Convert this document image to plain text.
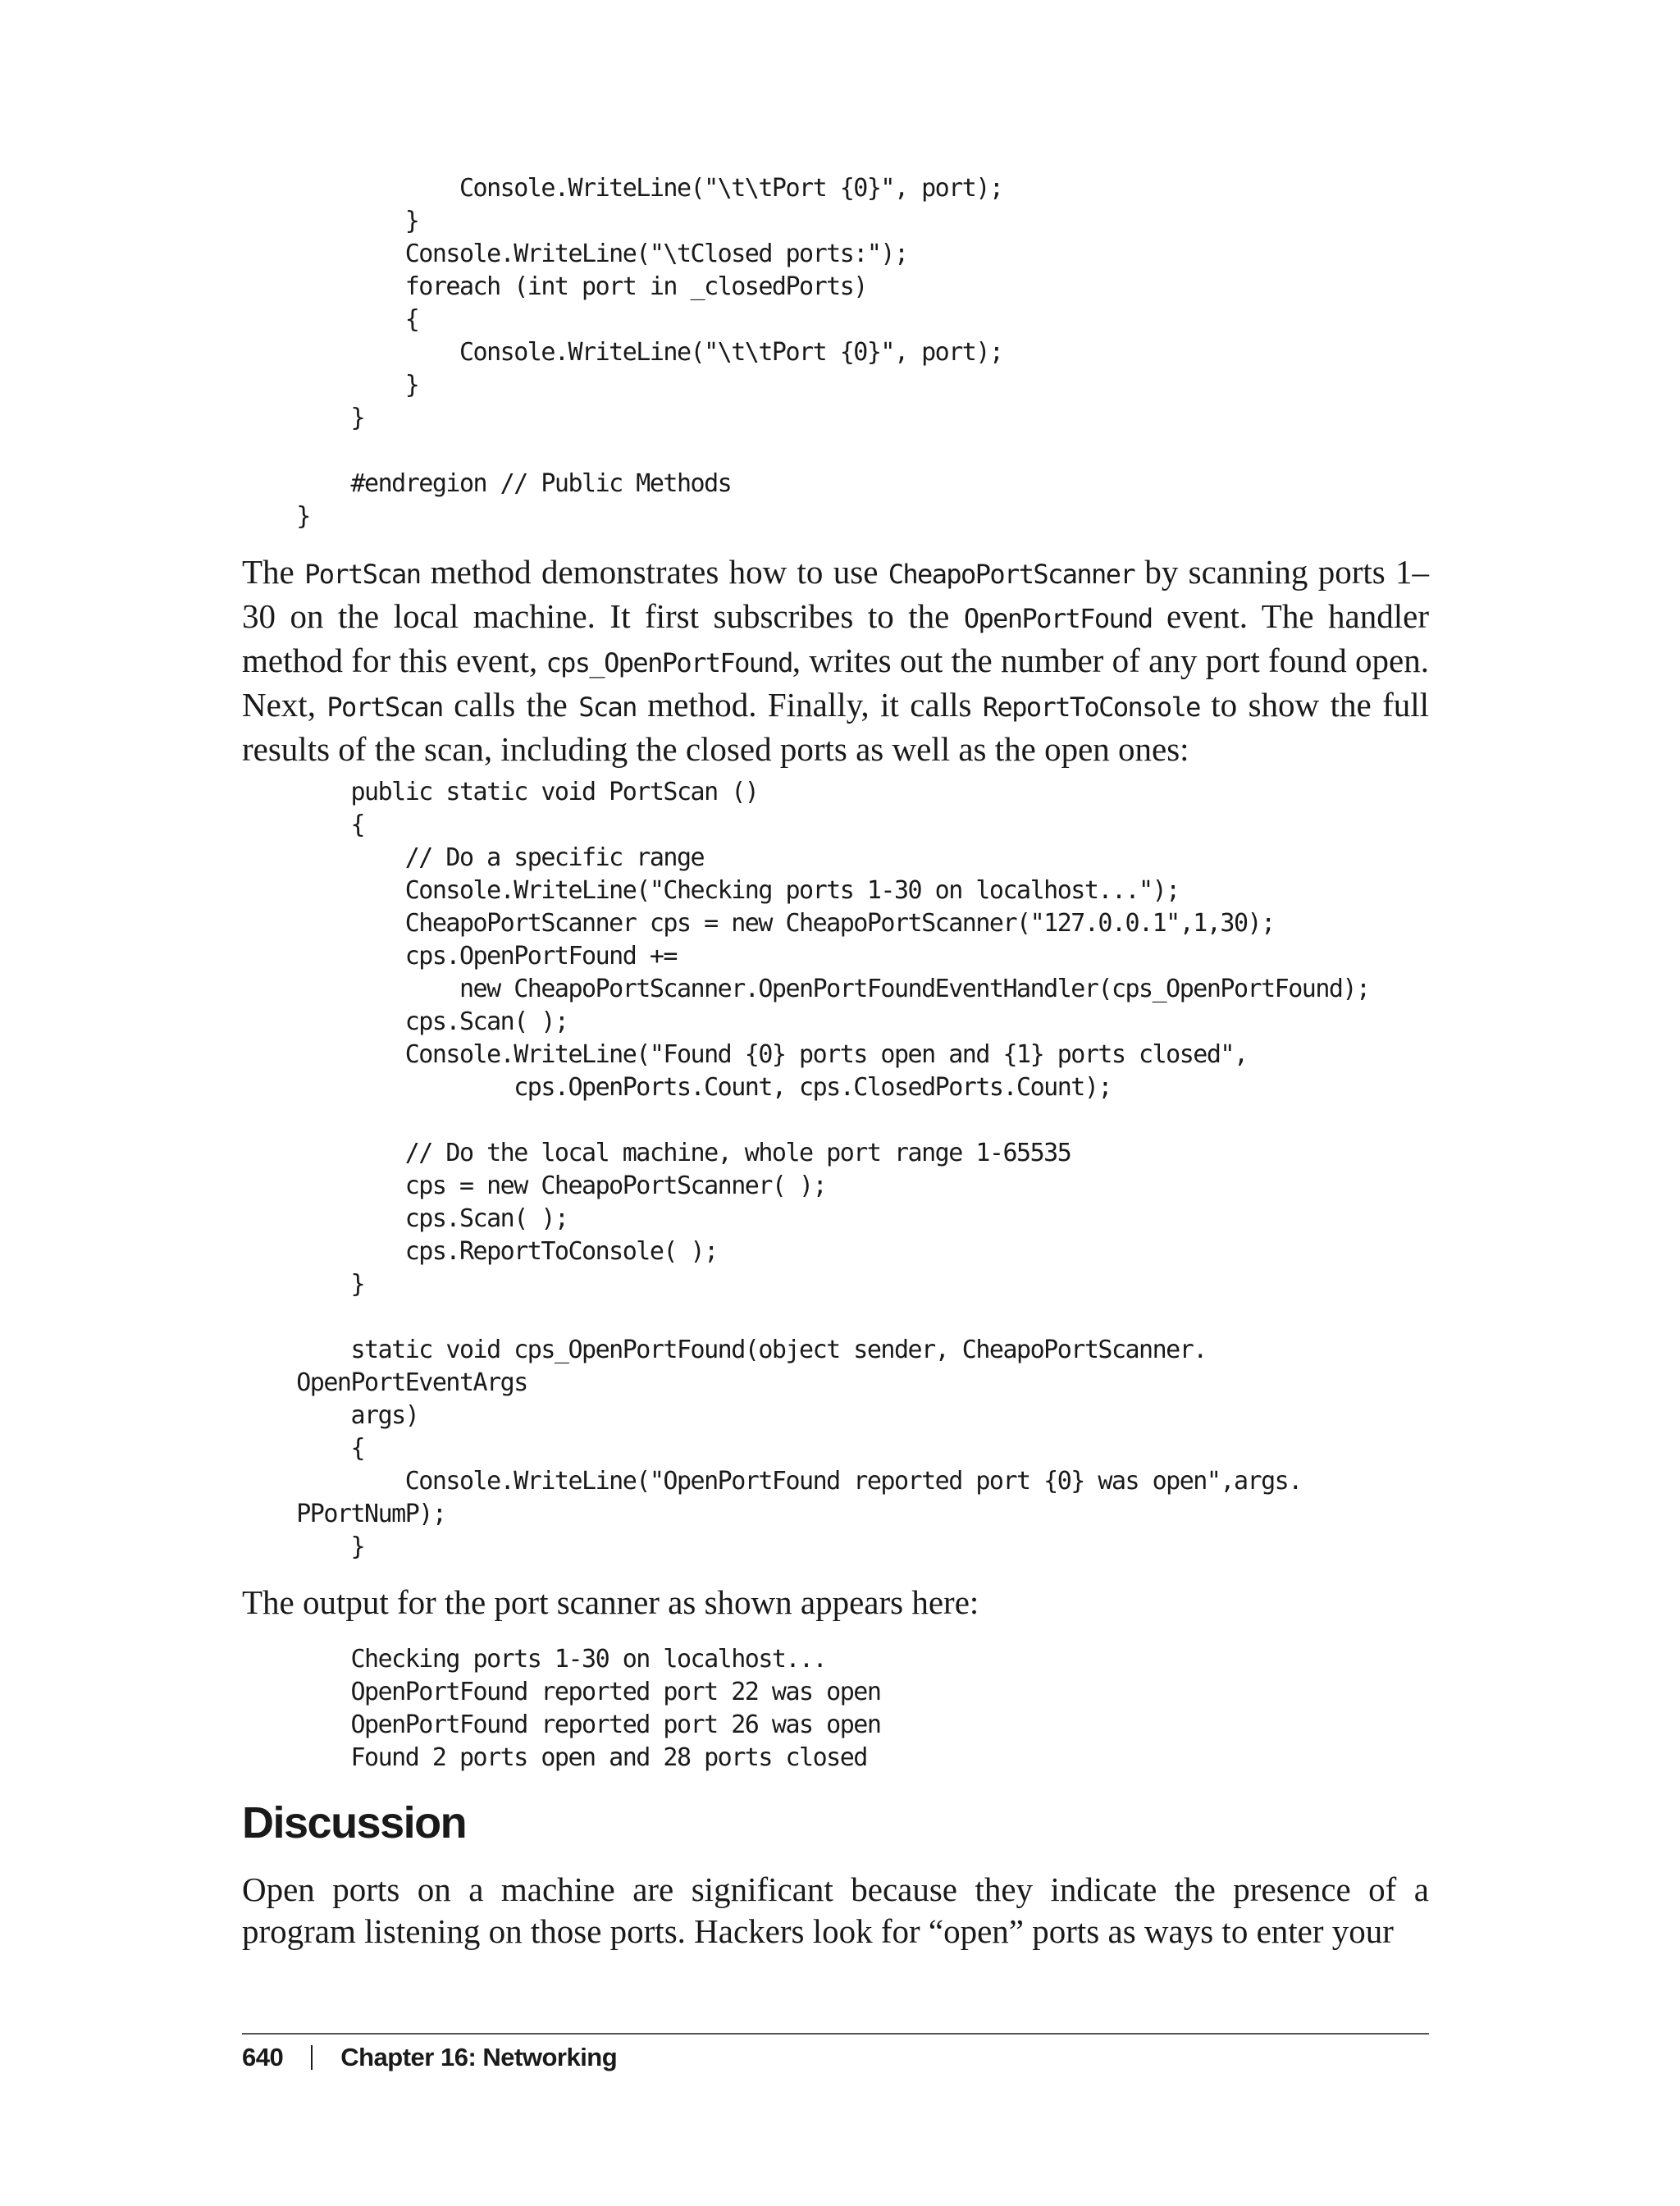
Console.WriteLine("\t\tPort {0}", port);
}
Console.WriteLine("\tClosed ports:");
foreach (int port in _closedPorts)
{
Console.WriteLine("\t\tPort {0}", port);
}
}

#endregion // Public Methods
}

The PortScan method demonstrates how to use CheapoPortScanner by scanning ports 1–30 on the local machine. It first subscribes to the OpenPortFound event. The handler method for this event, cps_OpenPortFound, writes out the number of any port found open. Next, PortScan calls the Scan method. Finally, it calls ReportToConsole to show the full results of the scan, including the closed ports as well as the open ones:

public static void PortScan ()
{
// Do a specific range
Console.WriteLine("Checking ports 1-30 on localhost...");
CheapoPortScanner cps = new CheapoPortScanner("127.0.0.1",1,30);
cps.OpenPortFound +=
new CheapoPortScanner.OpenPortFoundEventHandler(cps_OpenPortFound);
cps.Scan( );
Console.WriteLine("Found {0} ports open and {1} ports closed",
cps.OpenPorts.Count, cps.ClosedPorts.Count);

// Do the local machine, whole port range 1-65535
cps = new CheapoPortScanner( );
cps.Scan( );
cps.ReportToConsole( );
}

static void cps_OpenPortFound(object sender, CheapoPortScanner.
OpenPortEventArgs
args)
{
Console.WriteLine("OpenPortFound reported port {0} was open",args.
PPortNumP);
}

The output for the port scanner as shown appears here:

Checking ports 1-30 on localhost...
OpenPortFound reported port 22 was open
OpenPortFound reported port 26 was open
Found 2 ports open and 28 ports closed
Discussion

Open ports on a machine are significant because they indicate the presence of a program listening on those ports. Hackers look for “open” ports as ways to enter your

640 Chapter 16: Networking
